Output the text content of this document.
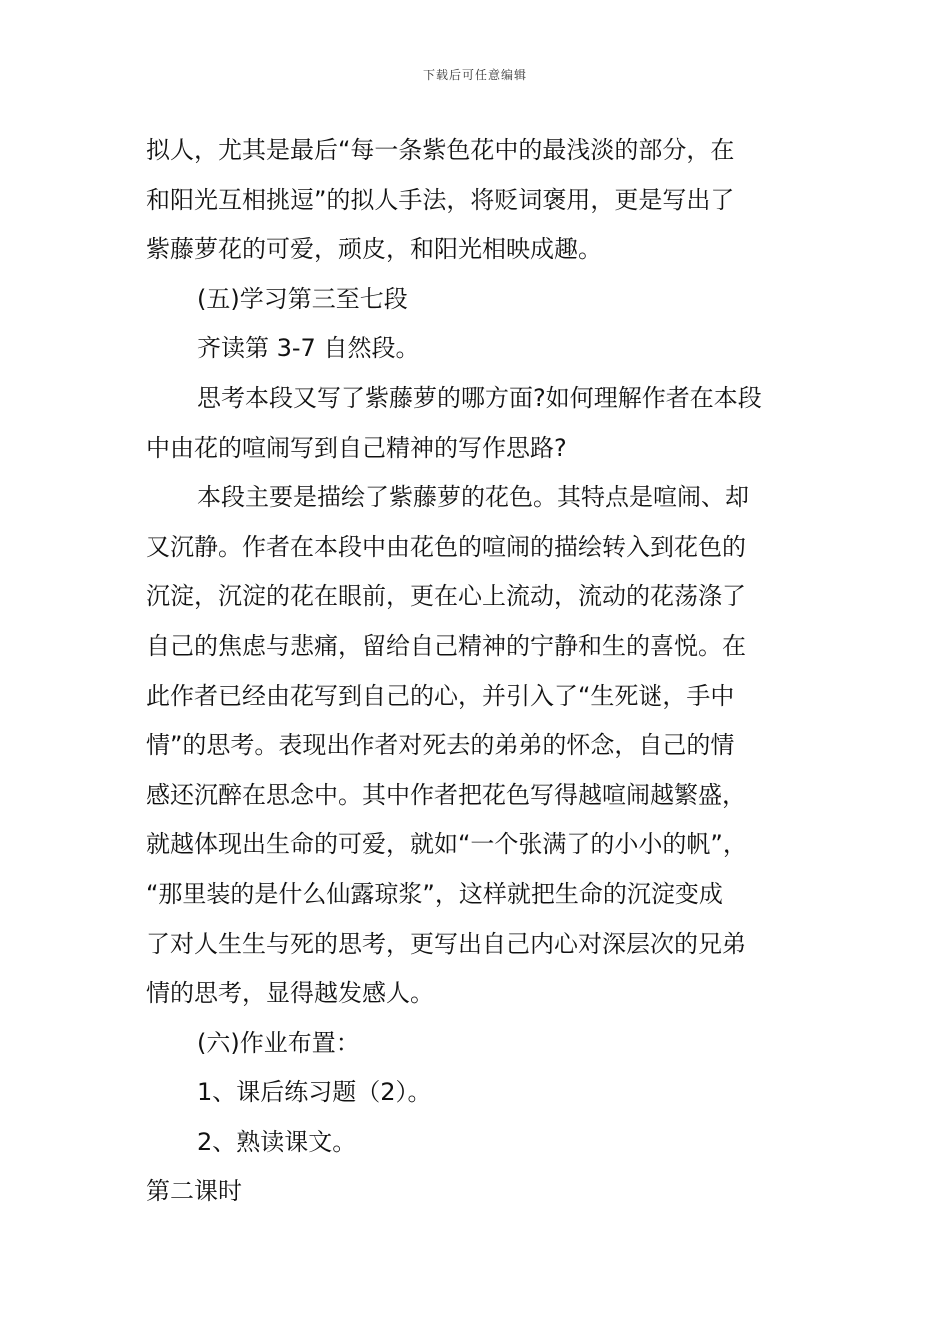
下载后可任意编辑
拟人，尤其是最后“每一条紫色花中的最浅淡的部分，在
和阳光互相挑逗”的拟人手法，将贬词褒用，更是写出了
紫藤萝花的可爱，顽皮，和阳光相映成趣。
(五)学习第三至七段
齐读第 3-7 自然段。
思考本段又写了紫藤萝的哪方面?如何理解作者在本段
中由花的喧闹写到自己精神的写作思路?
本段主要是描绘了紫藤萝的花色。其特点是喧闹、却
又沉静。作者在本段中由花色的喧闹的描绘转入到花色的
沉淀，沉淀的花在眼前，更在心上流动，流动的花荡涤了
自己的焦虑与悲痛，留给自己精神的宁静和生的喜悦。在
此作者已经由花写到自己的心，并引入了“生死谜，手中
情”的思考。表现出作者对死去的弟弟的怀念，自己的情
感还沉醉在思念中。其中作者把花色写得越喧闹越繁盛，
就越体现出生命的可爱，就如“一个张满了的小小的帆”，
“那里装的是什么仙露琼浆”，这样就把生命的沉淀变成
了对人生生与死的思考，更写出自己内心对深层次的兄弟
情的思考，显得越发感人。
(六)作业布置：
1、课后练习题（2）。
2、熟读课文。
第二课时
